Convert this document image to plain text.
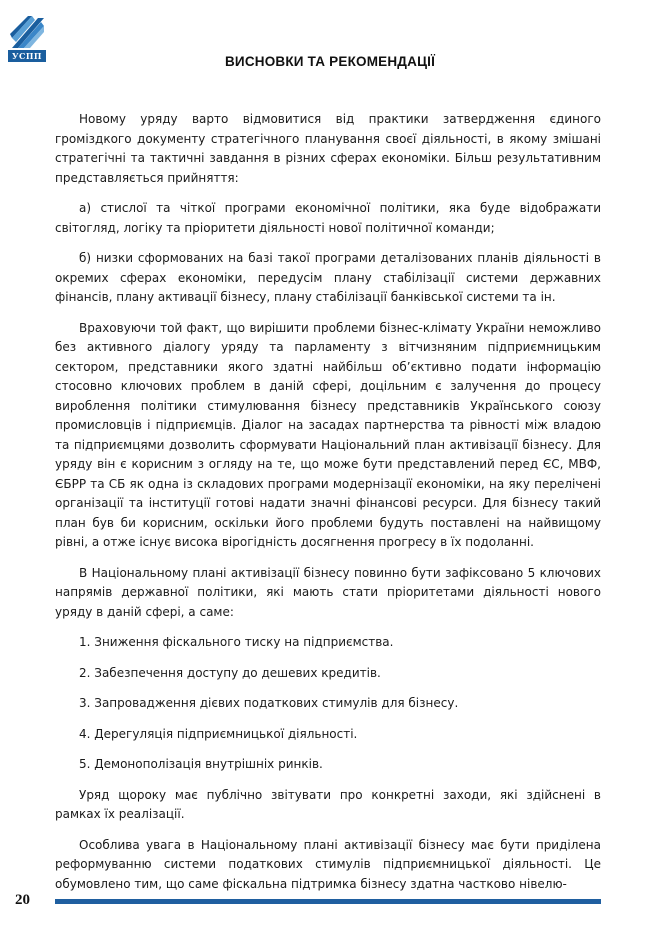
УСПП	ВИСНОВКИ ТА РЕКОМЕНДАЦІЇ

Новому уряду варто відмовитися від практики затвердження єдиного громіздкого документу стратегічного планування своєї діяльності, в якому змішані стратегічні та тактичні завдання в різних сферах економіки. Більш результативним представляється прийняття:

а) стислої та чіткої програми економічної політики, яка буде відображати світогляд, логіку та пріоритети діяльності нової політичної команди;

б) низки сформованих на базі такої програми деталізованих планів діяльності в окремих сферах економіки, передусім плану стабілізації системи державних фінансів, плану активації бізнесу, плану стабілізації банківської системи та ін.

Враховуючи той факт, що вирішити проблеми бізнес-клімату України неможливо без активного діалогу уряду та парламенту з вітчизняним підприємницьким сектором, представники якого здатні найбільш об’єктивно подати інформацію стосовно ключових проблем в даній сфері, доцільним є залучення до процесу вироблення політики стимулювання бізнесу представників Українського союзу промисловців і підприємців. Діалог на засадах партнерства та рівності між владою та підприємцями дозволить сформувати Національний план активізації бізнесу. Для уряду він є корисним з огляду на те, що може бути представлений перед ЄС, МВФ, ЄБРР та СБ як одна із складових програми модернізації економіки, на яку перелічені організації та інституції готові надати значні фінансові ресурси. Для бізнесу такий план був би корисним, оскільки його проблеми будуть поставлені на найвищому рівні, а отже існує висока вірогідність досягнення прогресу в їх подоланні.

В Національному плані активізації бізнесу повинно бути зафіксовано 5 ключових напрямів державної політики, які мають стати пріоритетами діяльності нового уряду в даній сфері, а саме:

1. Зниження фіскального тиску на підприємства.

2. Забезпечення доступу до дешевих кредитів.

3. Запровадження дієвих податкових стимулів для бізнесу.

4. Дерегуляція підприємницької діяльності.

5. Демонополізація внутрішніх ринків.

Уряд щороку має публічно звітувати про конкретні заходи, які здійснені в рамках їх реалізації.

Особлива увага в Національному плані активізації бізнесу має бути приділена реформуванню системи податкових стимулів підприємницької діяльності. Це обумовлено тим, що саме фіскальна підтримка бізнесу здатна частково нівелю-

20
